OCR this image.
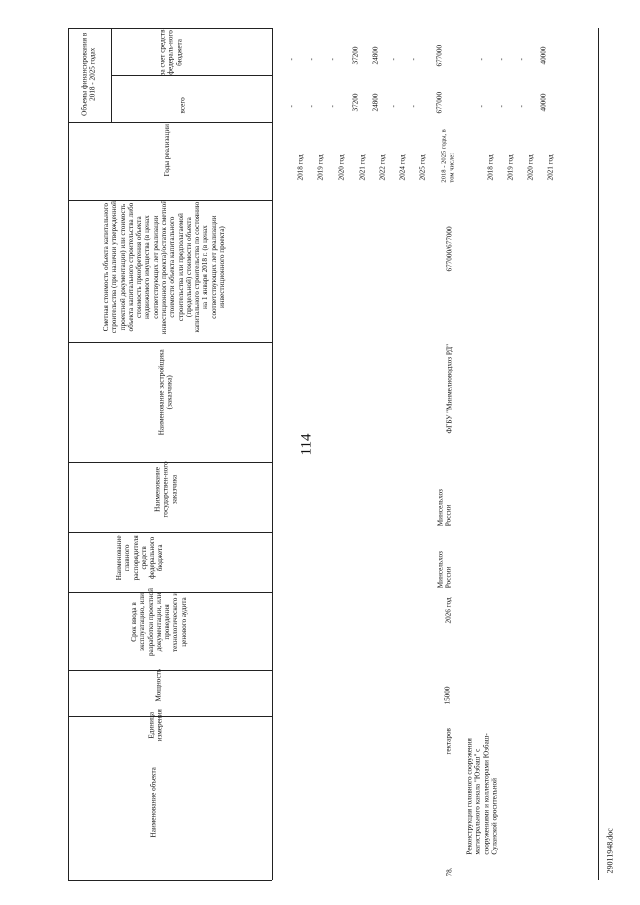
114
Объемы финансирования в 2018 - 2025 годах
всего
за счет средств федераль-ного бюджета
Годы реализации
Сметная стоимость объекта капитального строительства (при наличии утвержденной проектной документации) или стоимость объекта капитального строительства либо стоимость приобретения объекта недвижимого имущества (в ценах соответствующих лет реализации инвестиционного проекта)/остаток сметной стоимости объекта капитального строительства или предполагаемой (предельной) стоимости объекта капитального строительства по состоянию на 1 января 2018 г. (в ценах соответствующих лет реализации инвестиционного проекта)
Наименование застройщика (заказчика)
Наименование государствен-ного заказчика
Наименование главного распорядителя средств федерального бюджета
Срок ввода в эксплуатацию, или разработки проектной документации, или проведения технологического и ценового аудита
Мощность
Единица измерения
Наименование объекта
78.
Реконструкция головного сооружения магистрального канала "Юзбаш" с сооружениями и коллекторами Юзбаш-Суланской оросительной
гектаров
15000
2026 год
Минсельхоз России
Минсельхоз России
ФГБУ "Минмелиоводхоз РД"
677000/677000
2018 год
-
-
2019 год
-
-
2020 год
-
-
2021 год
37200
37200
2022 год
24800
24800
2024 год
-
-
2025 год
-
-
2018 - 2025 годы, в том числе:
677000
677000
2018 год
-
-
2019 год
-
-
2020 год
-
-
2021 год
40000
40000
29011948.doc
